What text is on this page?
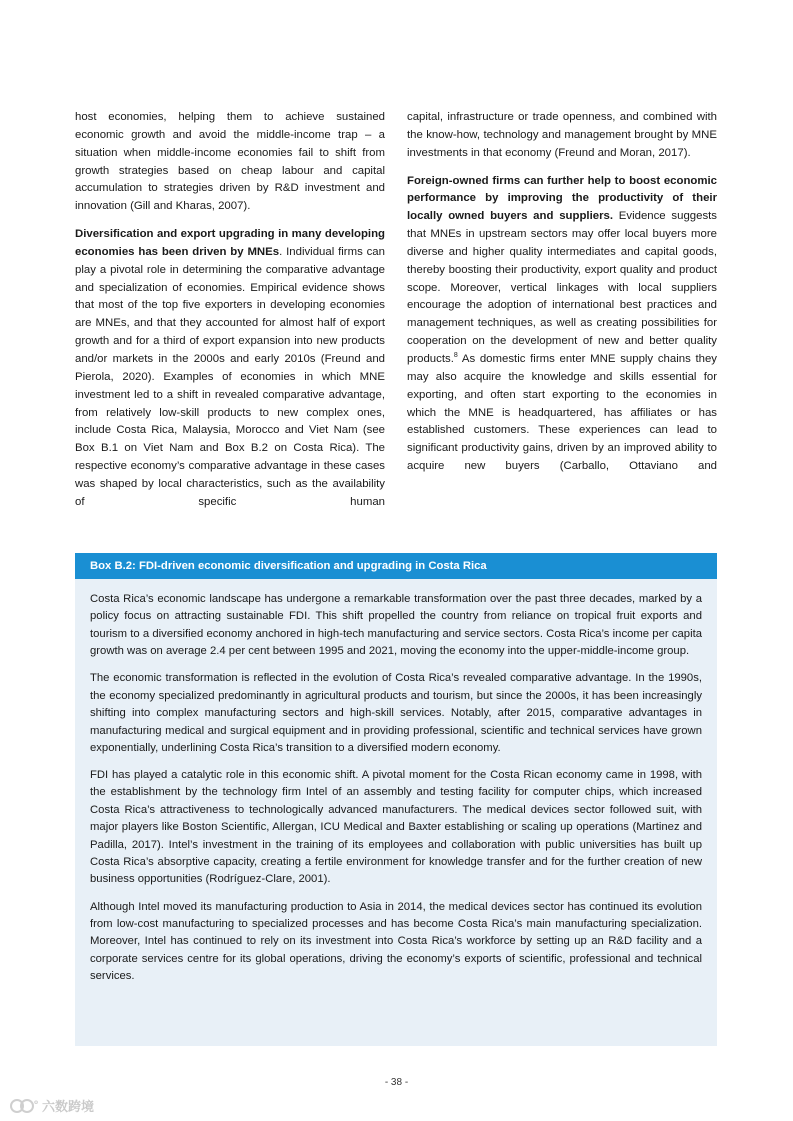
host economies, helping them to achieve sustained economic growth and avoid the middle-income trap – a situation when middle-income economies fail to shift from growth strategies based on cheap labour and capital accumulation to strategies driven by R&D investment and innovation (Gill and Kharas, 2007).

Diversification and export upgrading in many developing economies has been driven by MNEs. Individual firms can play a pivotal role in determining the comparative advantage and specialization of economies. Empirical evidence shows that most of the top five exporters in developing economies are MNEs, and that they accounted for almost half of export growth and for a third of export expansion into new products and/or markets in the 2000s and early 2010s (Freund and Pierola, 2020). Examples of economies in which MNE investment led to a shift in revealed comparative advantage, from relatively low-skill products to new complex ones, include Costa Rica, Malaysia, Morocco and Viet Nam (see Box B.1 on Viet Nam and Box B.2 on Costa Rica). The respective economy’s comparative advantage in these cases was shaped by local characteristics, such as the availability of specific human

capital, infrastructure or trade openness, and combined with the know-how, technology and management brought by MNE investments in that economy (Freund and Moran, 2017).

Foreign-owned firms can further help to boost economic performance by improving the productivity of their locally owned buyers and suppliers. Evidence suggests that MNEs in upstream sectors may offer local buyers more diverse and higher quality intermediates and capital goods, thereby boosting their productivity, export quality and product scope. Moreover, vertical linkages with local suppliers encourage the adoption of international best practices and management techniques, as well as creating possibilities for cooperation on the development of new and better quality products.$^8$ As domestic firms enter MNE supply chains they may also acquire the knowledge and skills essential for exporting, and often start exporting to the economies in which the MNE is headquartered, has affiliates or has established customers. These experiences can lead to significant productivity gains, driven by an improved ability to acquire new buyers (Carballo, Ottaviano and

Box B.2: FDI-driven economic diversification and upgrading in Costa Rica

Costa Rica’s economic landscape has undergone a remarkable transformation over the past three decades, marked by a policy focus on attracting sustainable FDI. This shift propelled the country from reliance on tropical fruit exports and tourism to a diversified economy anchored in high-tech manufacturing and service sectors. Costa Rica’s income per capita growth was on average 2.4 per cent between 1995 and 2021, moving the economy into the upper-middle-income group.

The economic transformation is reflected in the evolution of Costa Rica’s revealed comparative advantage. In the 1990s, the economy specialized predominantly in agricultural products and tourism, but since the 2000s, it has been increasingly shifting into complex manufacturing sectors and high-skill services. Notably, after 2015, comparative advantages in manufacturing medical and surgical equipment and in providing professional, scientific and technical services have grown exponentially, underlining Costa Rica’s transition to a diversified modern economy.

FDI has played a catalytic role in this economic shift. A pivotal moment for the Costa Rican economy came in 1998, with the establishment by the technology firm Intel of an assembly and testing facility for computer chips, which increased Costa Rica’s attractiveness to technologically advanced manufacturers. The medical devices sector followed suit, with major players like Boston Scientific, Allergan, ICU Medical and Baxter establishing or scaling up operations (Martinez and Padilla, 2017). Intel’s investment in the training of its employees and collaboration with public universities has built up Costa Rica’s absorptive capacity, creating a fertile environment for knowledge transfer and for the further creation of new business opportunities (Rodríguez-Clare, 2001).

Although Intel moved its manufacturing production to Asia in 2014, the medical devices sector has continued its evolution from low-cost manufacturing to specialized processes and has become Costa Rica’s main manufacturing specialization. Moreover, Intel has continued to rely on its investment into Costa Rica’s workforce by setting up an R&D facility and a corporate services centre for its global operations, driving the economy’s exports of scientific, professional and technical services.

- 38 -
o 六数跨境
